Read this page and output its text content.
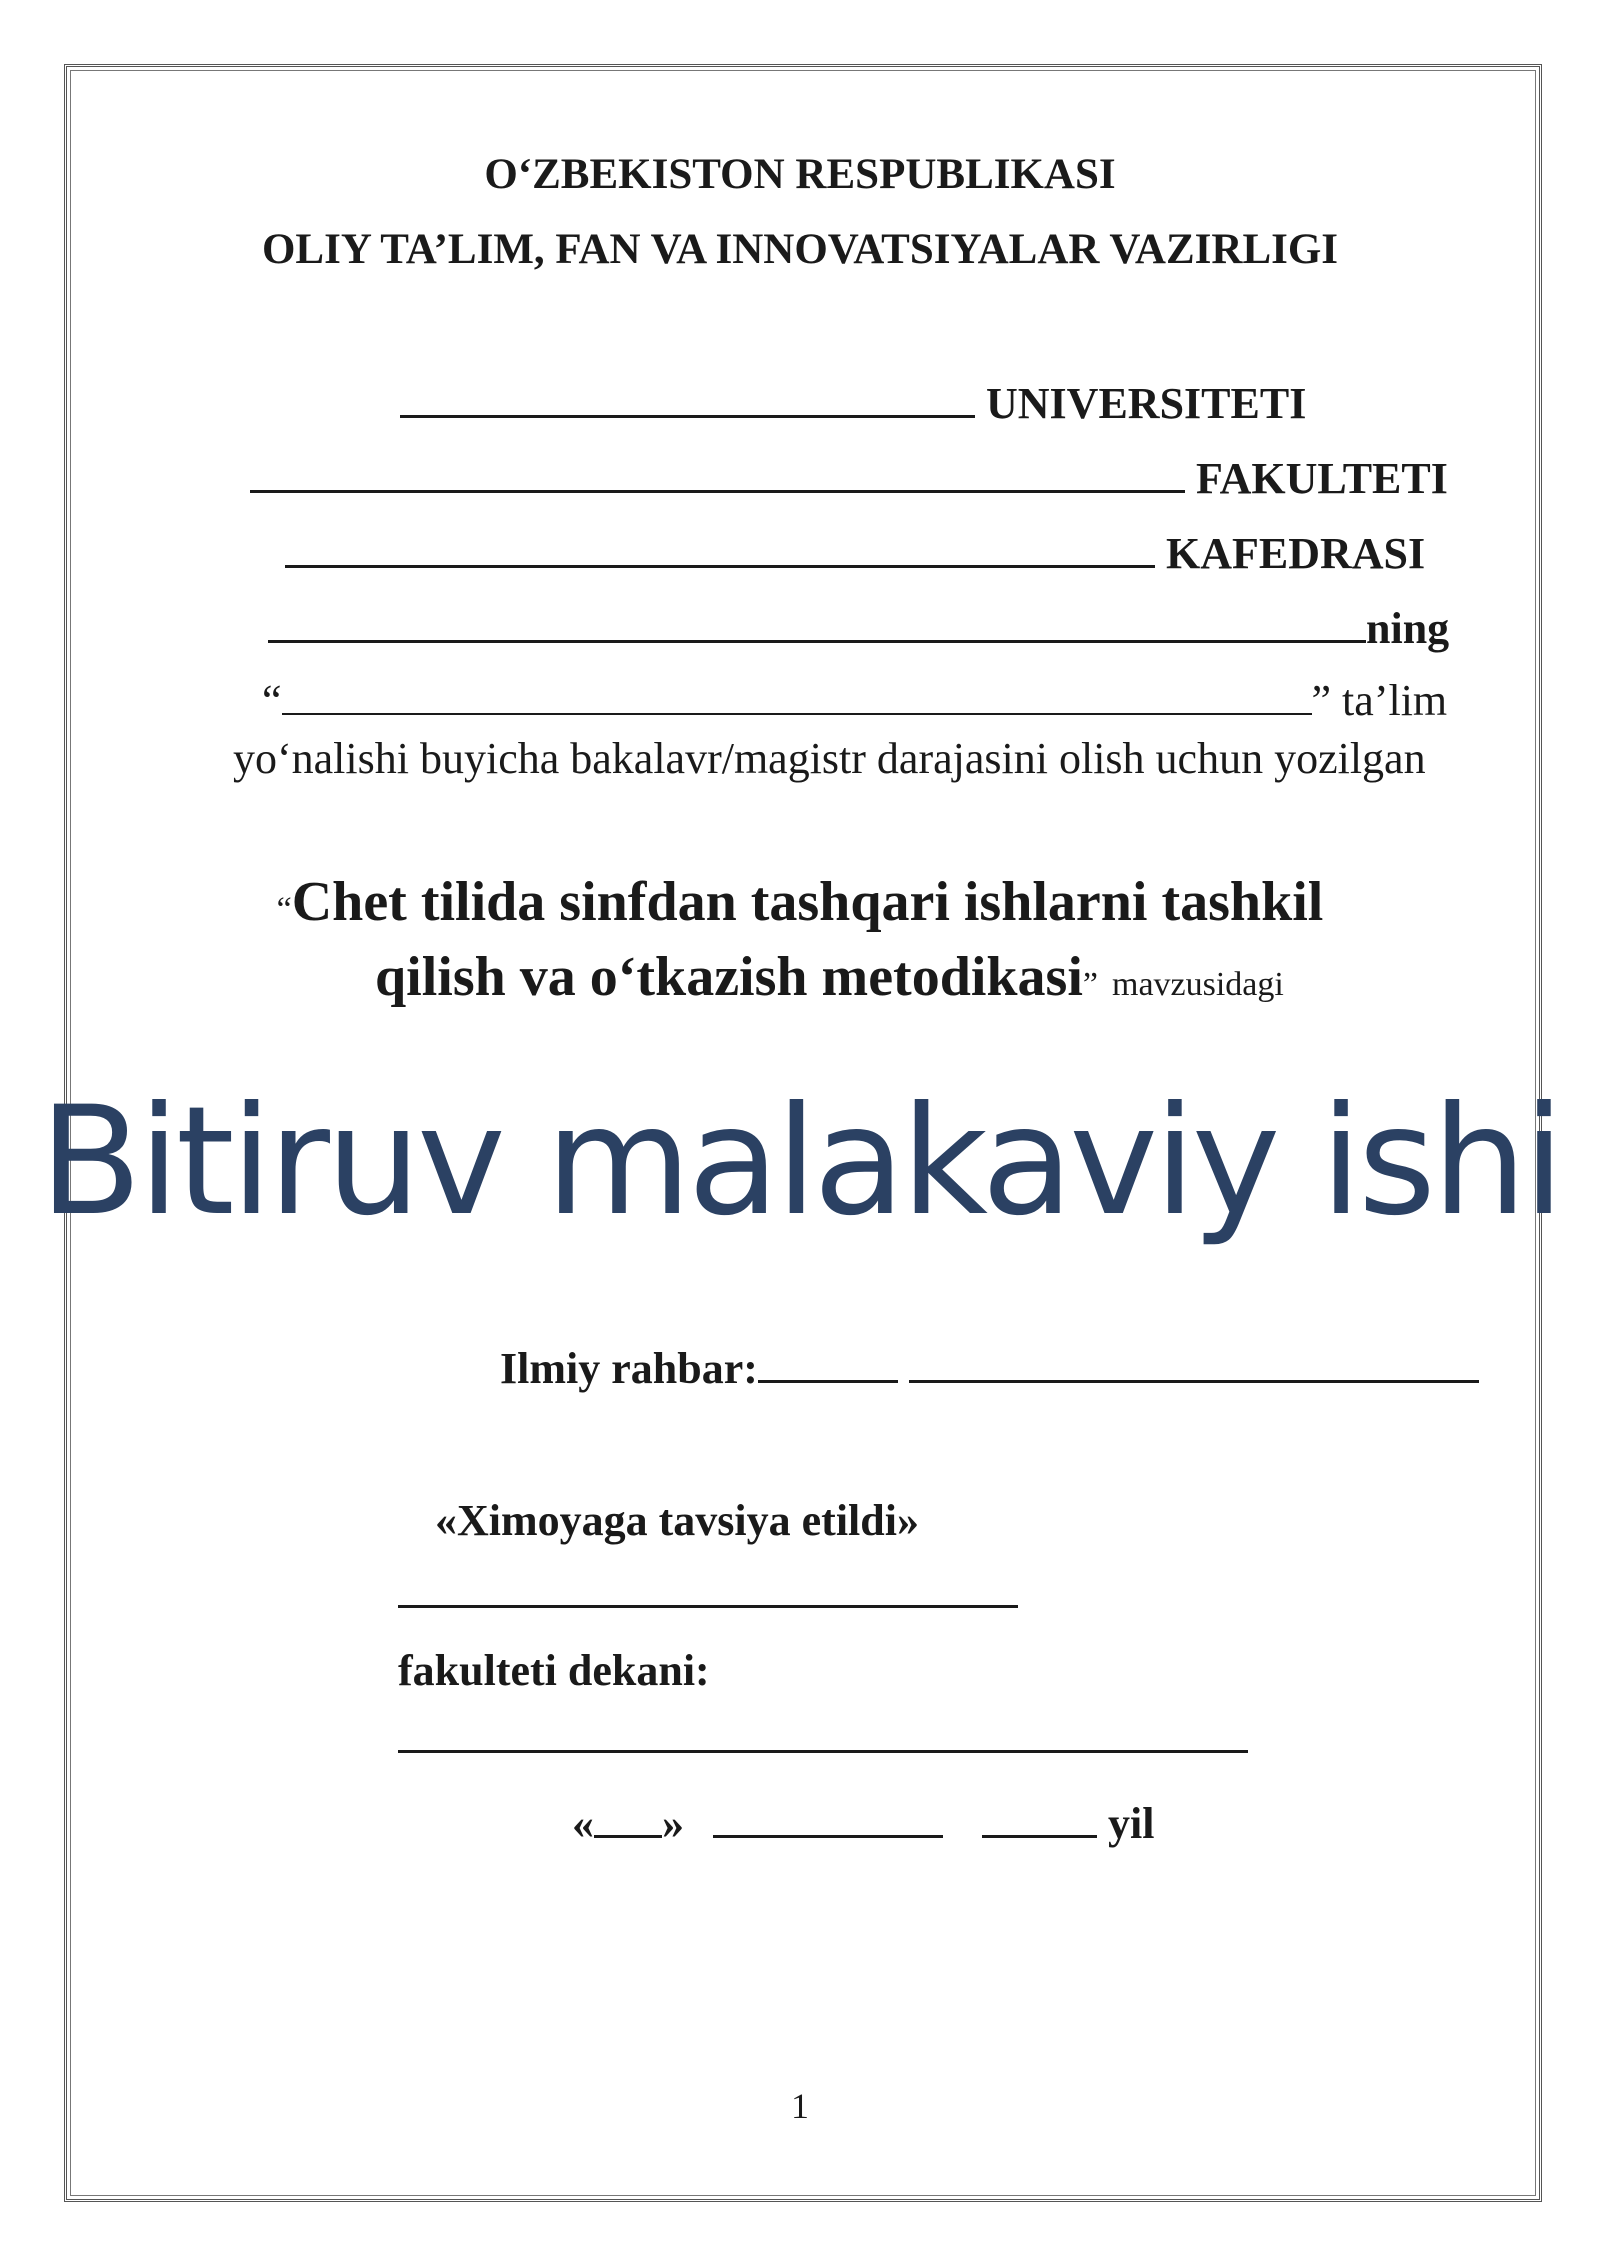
O‘ZBEKISTON RESPUBLIKASI
OLIY TA’LIM, FAN VA INNOVATSIYALAR VAZIRLIGI
UNIVERSITETI
FAKULTETI
KAFEDRASI
ning
“	” ta’lim
yo‘nalishi buyicha bakalavr/magistr darajasini olish uchun yozilgan
“Chet tilida sinfdan tashqari ishlarni tashkil
qilish va o‘tkazish metodikasi” mavzusidagi
Bitiruv malakaviy ishi
Ilmiy rahbar:
«Ximoyaga tavsiya etildi»
fakulteti dekani:
« »	yil
1
